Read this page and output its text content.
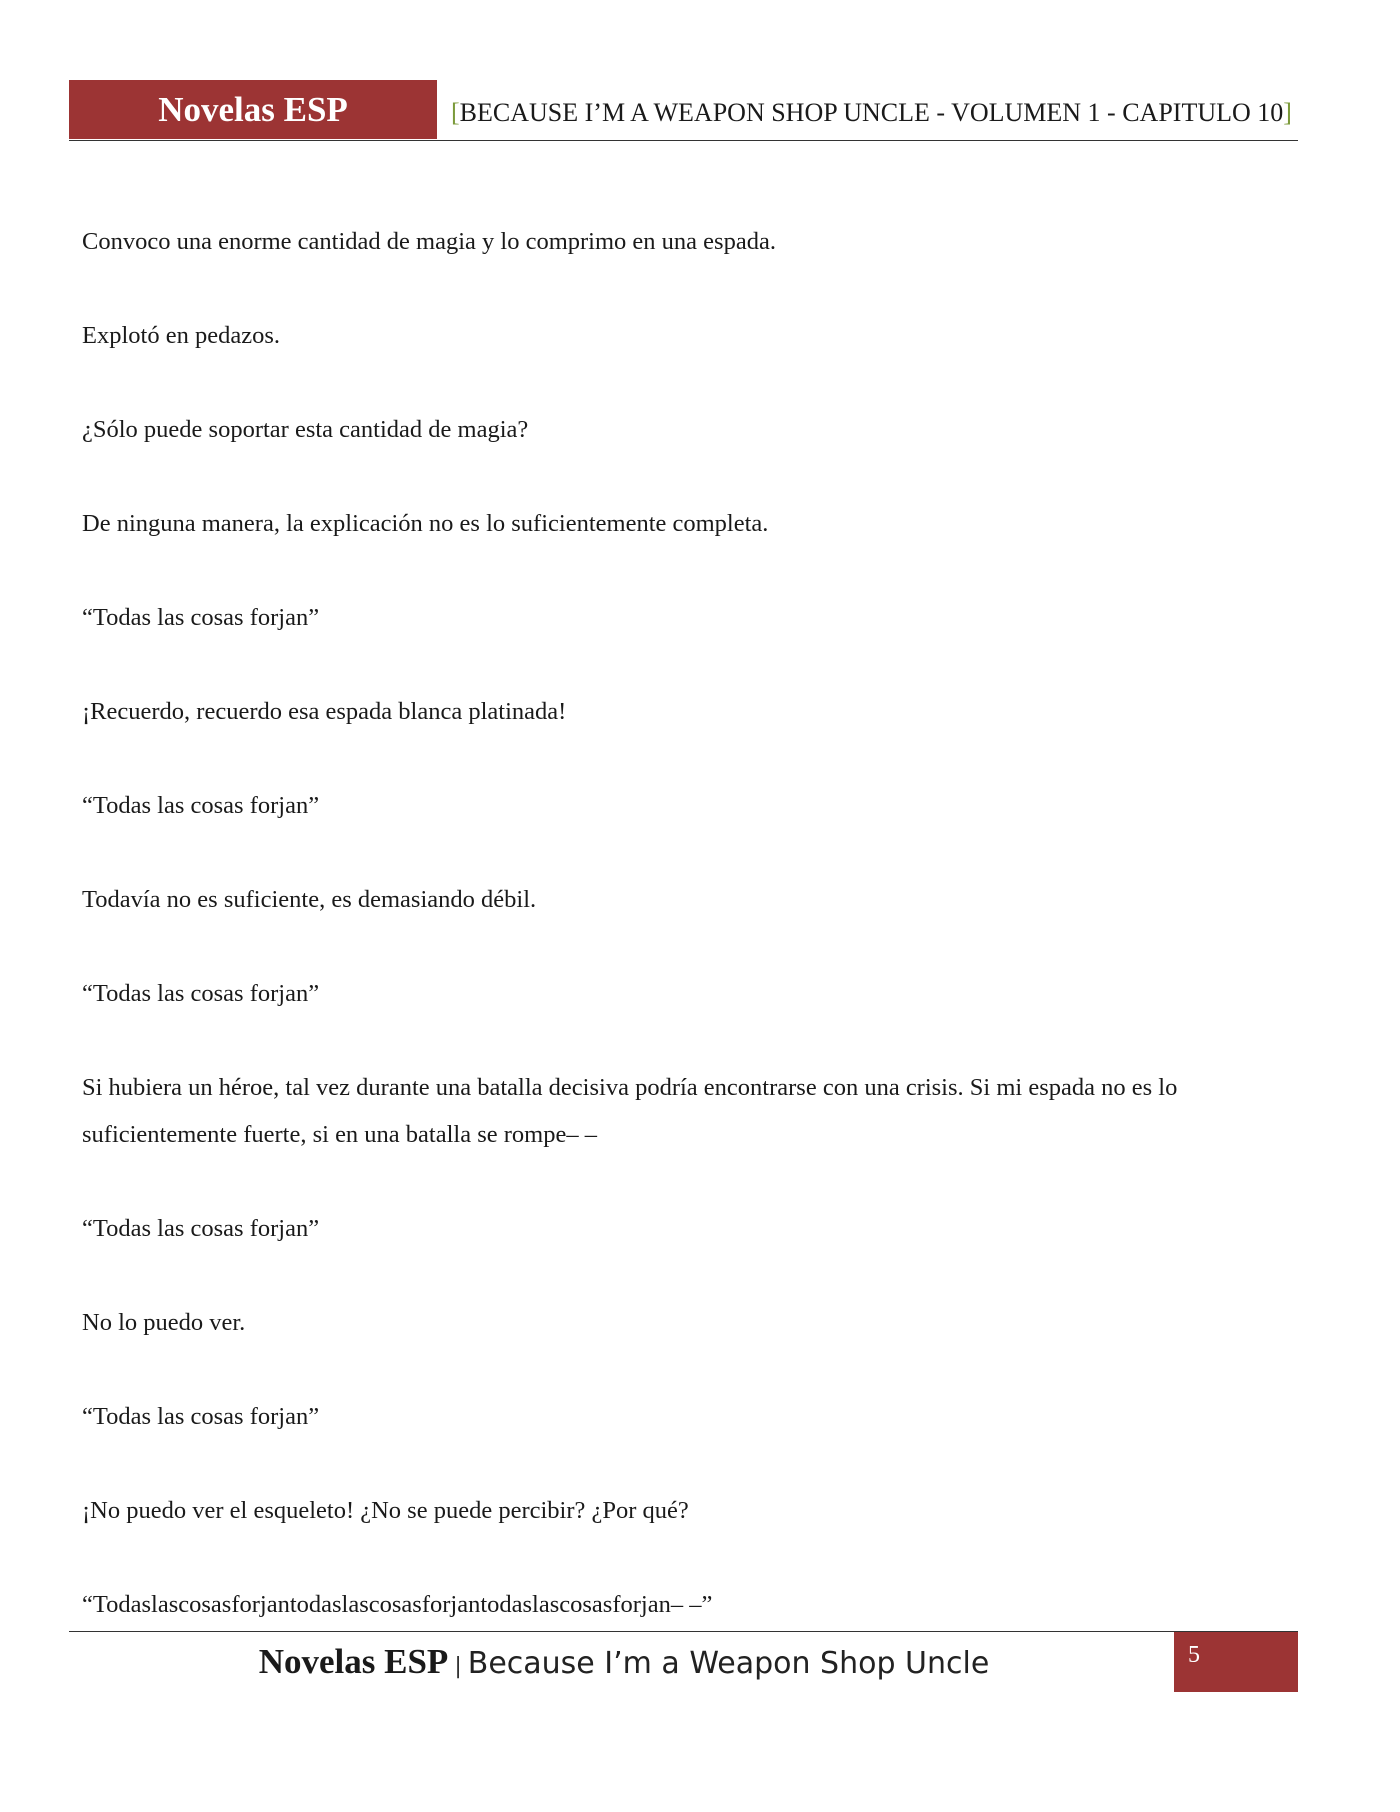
Novelas ESP	[BECAUSE I’M A WEAPON SHOP UNCLE - VOLUMEN 1 - CAPITULO 10]

Convoco una enorme cantidad de magia y lo comprimo en una espada.

Explotó en pedazos.

¿Sólo puede soportar esta cantidad de magia?

De ninguna manera, la explicación no es lo suficientemente completa.

“Todas las cosas forjan”

¡Recuerdo, recuerdo esa espada blanca platinada!

“Todas las cosas forjan”

Todavía no es suficiente, es demasiando débil.

“Todas las cosas forjan”

Si hubiera un héroe, tal vez durante una batalla decisiva podría encontrarse con una crisis. Si mi espada no es lo suficientemente fuerte, si en una batalla se rompe– –

“Todas las cosas forjan”

No lo puedo ver.

“Todas las cosas forjan”

¡No puedo ver el esqueleto! ¿No se puede percibir? ¿Por qué?

“Todaslascosasforjantodaslascosasforjantodaslascosasforjan– –”

Novelas ESP | Because I’m a Weapon Shop Uncle	5
